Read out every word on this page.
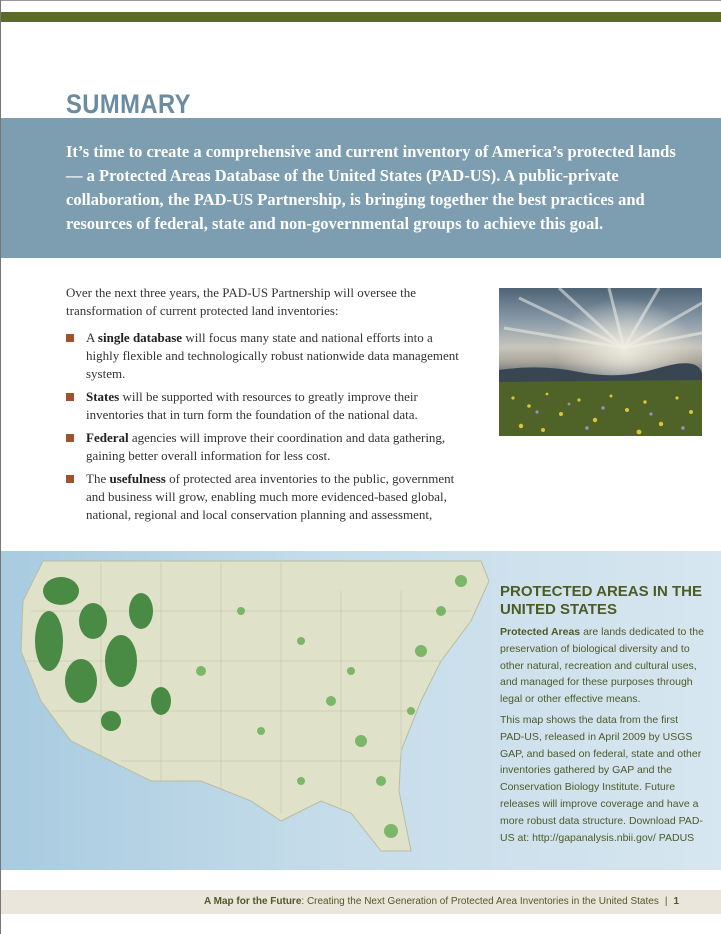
SUMMARY

It’s time to create a comprehensive and current inventory of America’s protected lands — a Protected Areas Database of the United States (PAD-US). A public-private collaboration, the PAD-US Partnership, is bringing together the best practices and resources of federal, state and non-governmental groups to achieve this goal.

Over the next three years, the PAD-US Partnership will oversee the transformation of current protected land inventories:

A single database will focus many state and national efforts into a highly flexible and technologically robust nationwide data management system.
States will be supported with resources to greatly improve their inventories that in turn form the foundation of the national data.
Federal agencies will improve their coordination and data gathering, gaining better overall information for less cost.
The usefulness of protected area inventories to the public, government and business will grow, enabling much more evidenced-based global, national, regional and local conservation planning and assessment,
PROTECTED AREAS IN THE UNITED STATES

Protected Areas are lands dedicated to the preservation of biological diversity and to other natural, recreation and cultural uses, and managed for these purposes through legal or other effective means.

This map shows the data from the first PAD-US, released in April 2009 by USGS GAP, and based on federal, state and other inventories gathered by GAP and the Conservation Biology Institute. Future releases will improve coverage and have a more robust data structure. Download PAD-US at: http://gapanalysis.nbii.gov/ PADUS

A Map for the Future: Creating the Next Generation of Protected Area Inventories in the United States | 1
